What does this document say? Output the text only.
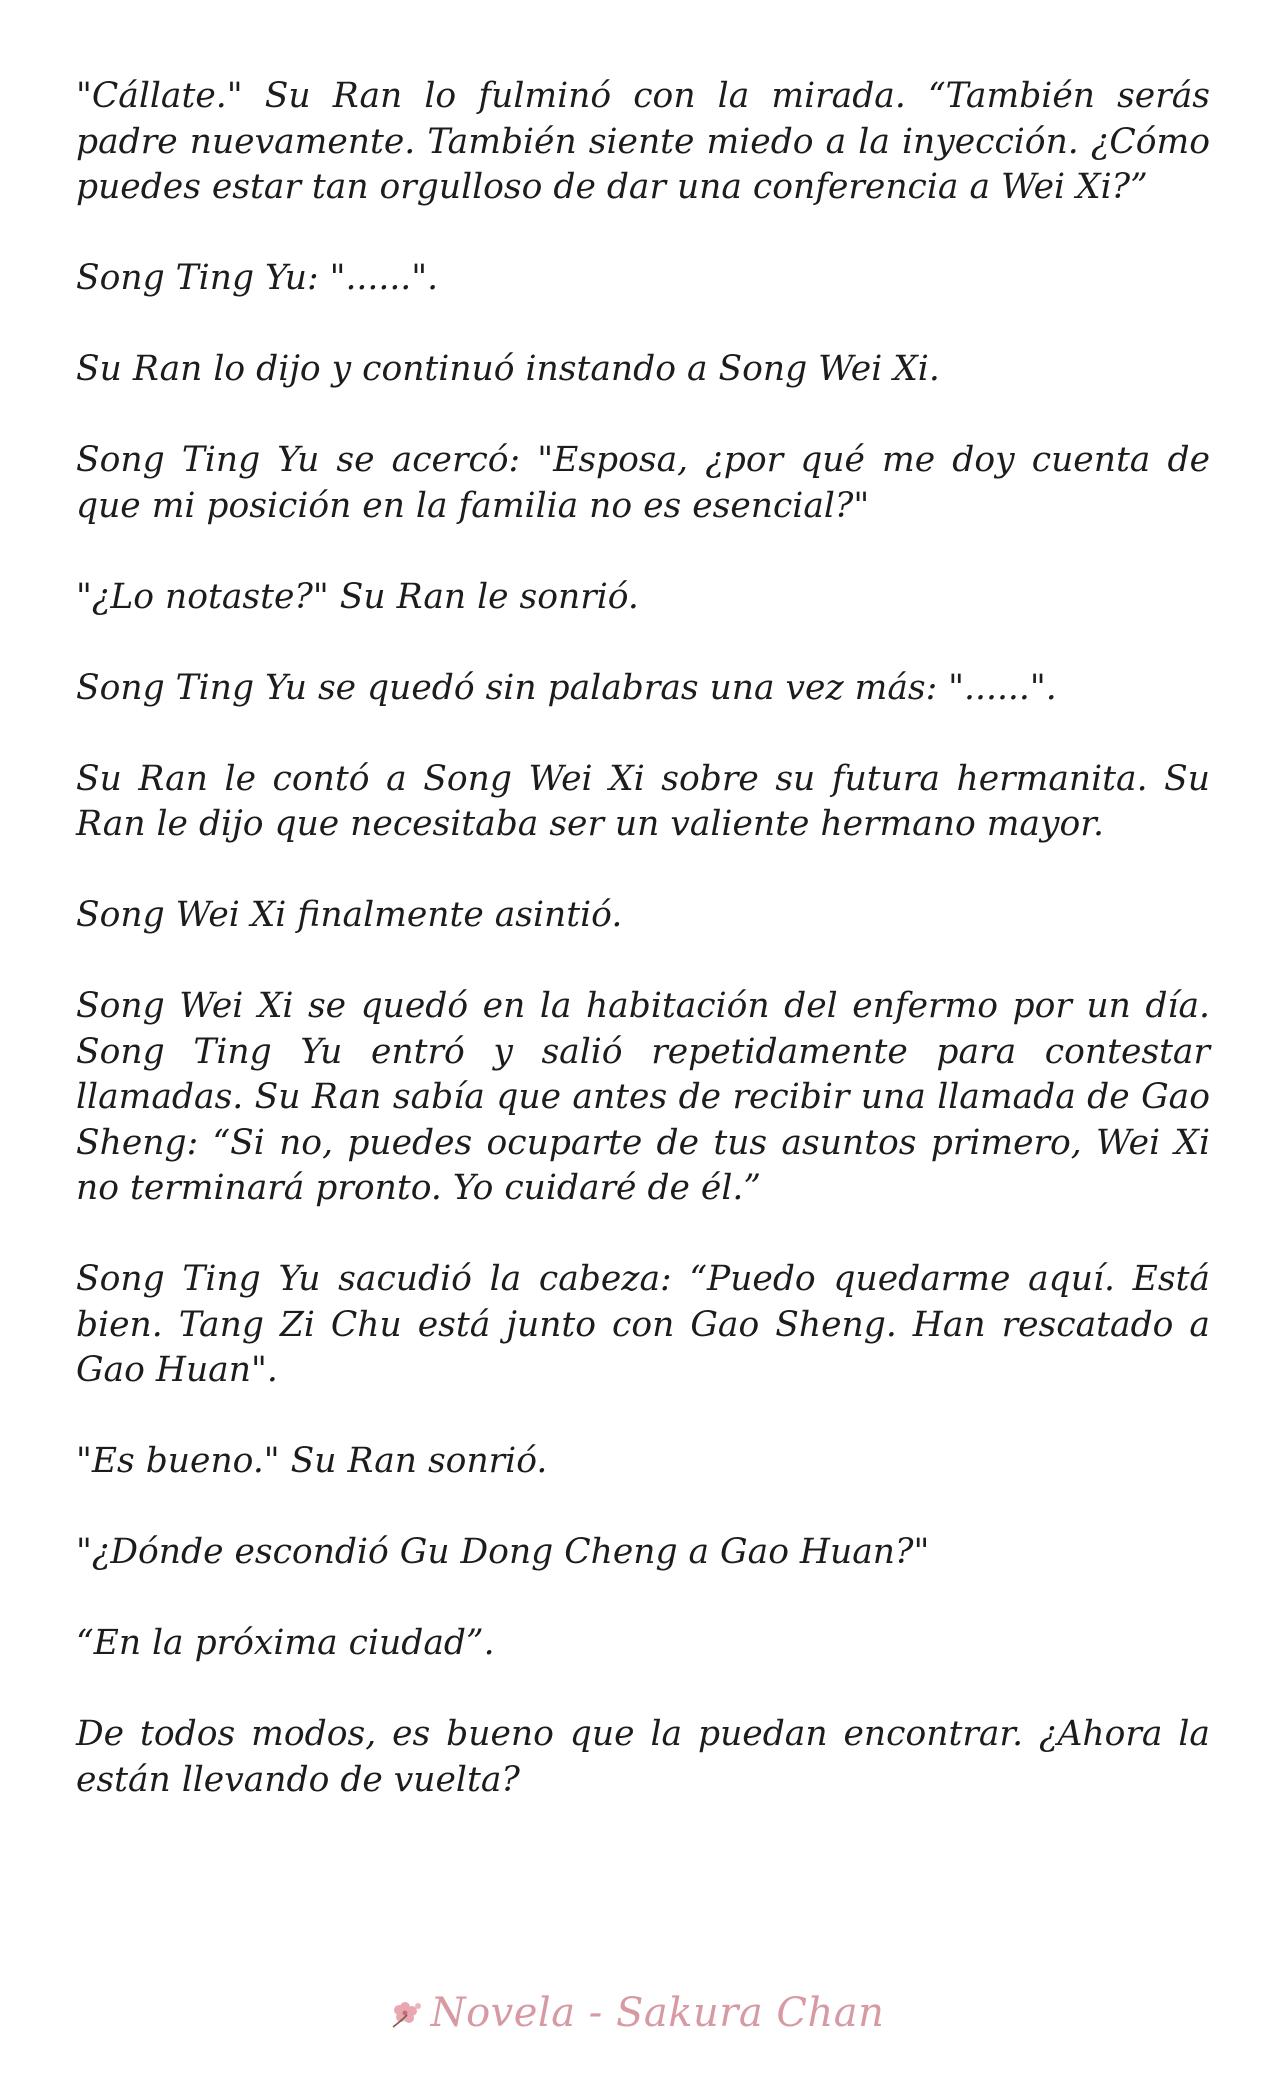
"Cállate." Su Ran lo fulminó con la mirada. “También serás padre nuevamente. También siente miedo a la inyección. ¿Cómo puedes estar tan orgulloso de dar una conferencia a Wei Xi?”

Song Ting Yu: "......".

Su Ran lo dijo y continuó instando a Song Wei Xi.

Song Ting Yu se acercó: "Esposa, ¿por qué me doy cuenta de que mi posición en la familia no es esencial?"

"¿Lo notaste?" Su Ran le sonrió.

Song Ting Yu se quedó sin palabras una vez más: "......".

Su Ran le contó a Song Wei Xi sobre su futura hermanita. Su Ran le dijo que necesitaba ser un valiente hermano mayor.

Song Wei Xi finalmente asintió.

Song Wei Xi se quedó en la habitación del enfermo por un día. Song Ting Yu entró y salió repetidamente para contestar llamadas. Su Ran sabía que antes de recibir una llamada de Gao Sheng: “Si no, puedes ocuparte de tus asuntos primero, Wei Xi no terminará pronto. Yo cuidaré de él.”

Song Ting Yu sacudió la cabeza: “Puedo quedarme aquí. Está bien. Tang Zi Chu está junto con Gao Sheng. Han rescatado a Gao Huan".

"Es bueno." Su Ran sonrió.

"¿Dónde escondió Gu Dong Cheng a Gao Huan?"

“En la próxima ciudad”.

De todos modos, es bueno que la puedan encontrar. ¿Ahora la están llevando de vuelta?

Novela - Sakura Chan
